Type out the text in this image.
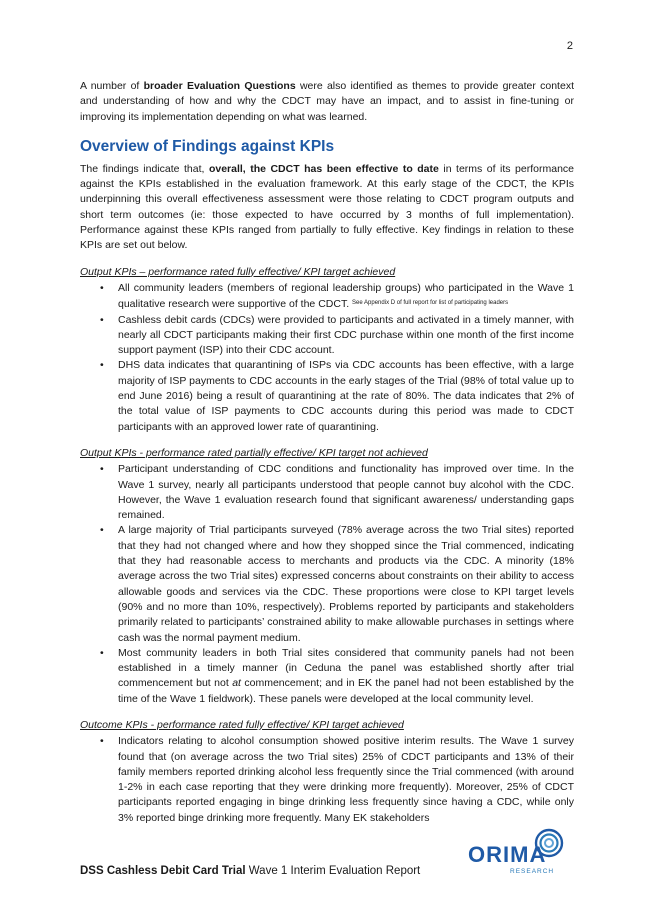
2

A number of broader Evaluation Questions were also identified as themes to provide greater context and understanding of how and why the CDCT may have an impact, and to assist in fine-tuning or improving its implementation depending on what was learned.

Overview of Findings against KPIs

The findings indicate that, overall, the CDCT has been effective to date in terms of its performance against the KPIs established in the evaluation framework. At this early stage of the CDCT, the KPIs underpinning this overall effectiveness assessment were those relating to CDCT program outputs and short term outcomes (ie: those expected to have occurred by 3 months of full implementation). Performance against these KPIs ranged from partially to fully effective. Key findings in relation to these KPIs are set out below.

Output KPIs – performance rated fully effective/ KPI target achieved
• All community leaders (members of regional leadership groups) who participated in the Wave 1 qualitative research were supportive of the CDCT. $^{See Appendix D of full report for list of participating leaders}$
• Cashless debit cards (CDCs) were provided to participants and activated in a timely manner, with nearly all CDCT participants making their first CDC purchase within one month of the first income support payment (ISP) into their CDC account.
• DHS data indicates that quarantining of ISPs via CDC accounts has been effective, with a large majority of ISP payments to CDC accounts in the early stages of the Trial (98% of total value up to end June 2016) being a result of quarantining at the rate of 80%. The data indicates that 2% of the total value of ISP payments to CDC accounts during this period was made to CDCT participants with an approved lower rate of quarantining.
Output KPIs - performance rated partially effective/ KPI target not achieved
• Participant understanding of CDC conditions and functionality has improved over time. In the Wave 1 survey, nearly all participants understood that people cannot buy alcohol with the CDC. However, the Wave 1 evaluation research found that significant awareness/ understanding gaps remained.
• A large majority of Trial participants surveyed (78% average across the two Trial sites) reported that they had not changed where and how they shopped since the Trial commenced, indicating that they had reasonable access to merchants and products via the CDC. A minority (18% average across the two Trial sites) expressed concerns about constraints on their ability to access allowable goods and services via the CDC. These proportions were close to KPI target levels (90% and no more than 10%, respectively). Problems reported by participants and stakeholders primarily related to participants’ constrained ability to make allowable purchases in settings where cash was the normal payment medium.
• Most community leaders in both Trial sites considered that community panels had not been established in a timely manner (in Ceduna the panel was established shortly after trial commencement but not at commencement; and in EK the panel had not been established by the time of the Wave 1 fieldwork). These panels were developed at the local community level.
Outcome KPIs - performance rated fully effective/ KPI target achieved
• Indicators relating to alcohol consumption showed positive interim results. The Wave 1 survey found that (on average across the two Trial sites) 25% of CDCT participants and 13% of their family members reported drinking alcohol less frequently since the Trial commenced (with around 1-2% in each case reporting that they were drinking more frequently). Moreover, 25% of CDCT participants reported engaging in binge drinking less frequently since having a CDC, while only 3% reported binge drinking more frequently. Many EK stakeholders
DSS Cashless Debit Card Trial Wave 1 Interim Evaluation Report
ORIMA
RESEARCH
